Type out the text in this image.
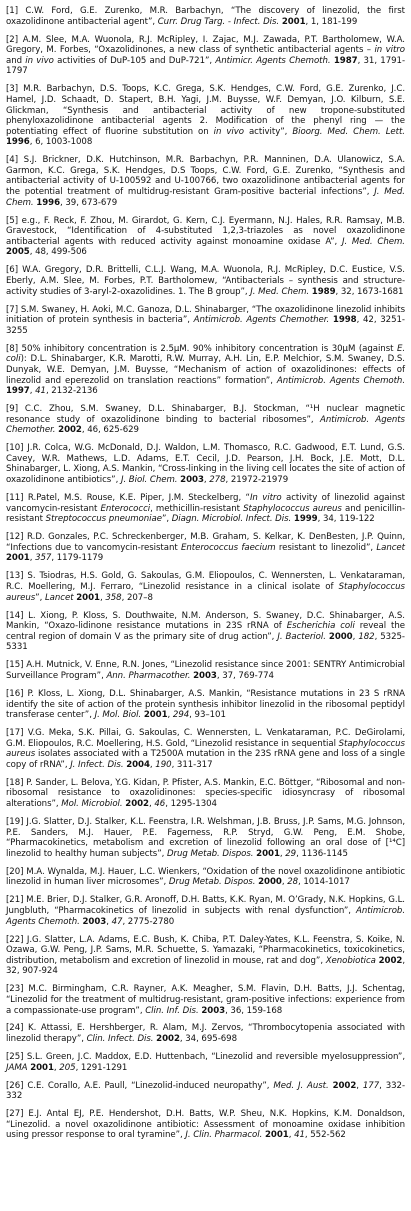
[1] C.W. Ford, G.E. Zurenko, M.R. Barbachyn, “The discovery of linezolid, the first oxazolidinone antibacterial agent”, Curr. Drug Targ. - Infect. Dis. 2001, 1, 181-199

[2] A.M. Slee, M.A. Wuonola, R.J. McRipley, I. Zajac, M.J. Zawada, P.T. Bartholomew, W.A. Gregory, M. Forbes, “Oxazolidinones, a new class of synthetic antibacterial agents – in vitro and in vivo activities of DuP-105 and DuP-721”, Antimicr. Agents Chemoth. 1987, 31, 1791-1797

[3] M.R. Barbachyn, D.S. Toops, K.C. Grega, S.K. Hendges, C.W. Ford, G.E. Zurenko, J.C. Hamel, J.D. Schaadt, D. Stapert, B.H. Yagi, J.M. Buysse, W.F. Demyan, J.O. Kilburn, S.E. Glickman, “Synthesis and antibacterial activity of new tropone-substituted phenyloxazolidinone antibacterial agents 2. Modification of the phenyl ring — the potentiating effect of fluorine substitution on in vivo activity”, Bioorg. Med. Chem. Lett. 1996, 6, 1003-1008

[4] S.J. Brickner, D.K. Hutchinson, M.R. Barbachyn, P.R. Manninen, D.A. Ulanowicz, S.A. Garmon, K.C. Grega, S.K. Hendges, D.S Toops, C.W. Ford, G.E. Zurenko, “Synthesis and antibacterial activity of U-100592 and U-100766, two oxazolidinone antibacterial agents for the potential treatment of multidrug-resistant Gram-positive bacterial infections”, J. Med. Chem. 1996, 39, 673-679

[5] e.g., F. Reck, F. Zhou, M. Girardot, G. Kern, C.J. Eyermann, N.J. Hales, R.R. Ramsay, M.B. Gravestock, “Identification of 4-substituted 1,2,3-triazoles as novel oxazolidinone antibacterial agents with reduced activity against monoamine oxidase A”, J. Med. Chem. 2005, 48, 499-506

[6] W.A. Gregory, D.R. Brittelli, C.L.J. Wang, M.A. Wuonola, R.J. McRipley, D.C. Eustice, V.S. Eberly, A.M. Slee, M. Forbes, P.T. Bartholomew, “Antibacterials – synthesis and structure-activity studies of 3-aryl-2-oxazolidines. 1. The B group”, J. Med. Chem. 1989, 32, 1673-1681

[7] S.M. Swaney, H. Aoki, M.C. Ganoza, D.L. Shinabarger, “The oxazolidinone linezolid inhibits initiation of protein synthesis in bacteria”, Antimicrob. Agents Chemother. 1998, 42, 3251-3255

[8] 50% inhibitory concentration is 2.5µM. 90% inhibitory concentration is 30µM (against E. coli): D.L. Shinabarger, K.R. Marotti, R.W. Murray, A.H. Lin, E.P. Melchior, S.M. Swaney, D.S. Dunyak, W.E. Demyan, J.M. Buysse, “Mechanism of action of oxazolidinones: effects of linezolid and eperezolid on translation reactions” formation”, Antimicrob. Agents Chemoth. 1997, 41, 2132-2136

[9] C.C. Zhou, S.M. Swaney, D.L. Shinabarger, B.J. Stockman, “¹H nuclear magnetic resonance study of oxazolidinone binding to bacterial ribosomes”, Antimicrob. Agents Chemother. 2002, 46, 625-629

[10] J.R. Colca, W.G. McDonald, D.J. Waldon, L.M. Thomasco, R.C. Gadwood, E.T. Lund, G.S. Cavey, W.R. Mathews, L.D. Adams, E.T. Cecil, J.D. Pearson, J.H. Bock, J.E. Mott, D.L. Shinabarger, L. Xiong, A.S. Mankin, “Cross-linking in the living cell locates the site of action of oxazolidinone antibiotics”, J. Biol. Chem. 2003, 278, 21972-21979

[11] R.Patel, M.S. Rouse, K.E. Piper, J.M. Steckelberg, “In vitro activity of linezolid against vancomycin-resistant Enterococci, methicillin-resistant Staphylococcus aureus and penicillin-resistant Streptococcus pneumoniae”, Diagn. Microbiol. Infect. Dis. 1999, 34, 119-122

[12] R.D. Gonzales, P.C. Schreckenberger, M.B. Graham, S. Kelkar, K. DenBesten, J.P. Quinn, “Infections due to vancomycin-resistant Enterococcus faecium resistant to linezolid”, Lancet 2001, 357, 1179-1179

[13] S. Tsiodras, H.S. Gold, G. Sakoulas, G.M. Eliopoulos, C. Wennersten, L. Venkataraman, R.C. Moellering, M.J. Ferraro, “Linezolid resistance in a clinical isolate of Staphylococcus aureus”, Lancet 2001, 358, 207–8

[14] L. Xiong, P. Kloss, S. Douthwaite, N.M. Anderson, S. Swaney, D.C. Shinabarger, A.S. Mankin, “Oxazo-lidinone resistance mutations in 23S rRNA of Escherichia coli reveal the central region of domain V as the primary site of drug action”, J. Bacteriol. 2000, 182, 5325-5331

[15] A.H. Mutnick, V. Enne, R.N. Jones, “Linezolid resistance since 2001: SENTRY Antimicrobial Surveillance Program”, Ann. Pharmacother. 2003, 37, 769-774

[16] P. Kloss, L. Xiong, D.L. Shinabarger, A.S. Mankin, “Resistance mutations in 23 S rRNA identify the site of action of the protein synthesis inhibitor linezolid in the ribosomal peptidyl transferase center”, J. Mol. Biol. 2001, 294, 93–101

[17] V.G. Meka, S.K. Pillai, G. Sakoulas, C. Wennersten, L. Venkataraman, P.C. DeGirolami, G.M. Eliopoulos, R.C. Moellering, H.S. Gold, “Linezolid resistance in sequential Staphylococcus aureus isolates associated with a T2500A mutation in the 23S rRNA gene and loss of a single copy of rRNA”, J. Infect. Dis. 2004, 190, 311-317

[18] P. Sander, L. Belova, Y.G. Kidan, P. Pfister, A.S. Mankin, E.C. Böttger, “Ribosomal and non-ribosomal resistance to oxazolidinones: species-specific idiosyncrasy of ribosomal alterations”, Mol. Microbiol. 2002, 46, 1295-1304

[19] J.G. Slatter, D.J. Stalker, K.L. Feenstra, I.R. Welshman, J.B. Bruss, J.P. Sams, M.G. Johnson, P.E. Sanders, M.J. Hauer, P.E. Fagerness, R.P. Stryd, G.W. Peng, E.M. Shobe, “Pharmacokinetics, metabolism and excretion of linezolid following an oral dose of [¹⁴C] linezolid to healthy human subjects”, Drug Metab. Dispos. 2001, 29, 1136-1145

[20] M.A. Wynalda, M.J. Hauer, L.C. Wienkers, “Oxidation of the novel oxazolidinone antibiotic linezolid in human liver microsomes”, Drug Metab. Dispos. 2000, 28, 1014-1017

[21] M.E. Brier, D.J. Stalker, G.R. Aronoff, D.H. Batts, K.K. Ryan, M. O’Grady, N.K. Hopkins, G.L. Jungbluth, “Pharmacokinetics of linezolid in subjects with renal dysfunction”, Antimicrob. Agents Chemoth. 2003, 47, 2775-2780

[22] J.G. Slatter, L.A. Adams, E.C. Bush, K. Chiba, P.T. Daley-Yates, K.L. Feenstra, S. Koike, N. Ozawa, G.W. Peng, J.P. Sams, M.R. Schuette, S. Yamazaki, “Pharmacokinetics, toxicokinetics, distribution, metabolism and excretion of linezolid in mouse, rat and dog”, Xenobiotica 2002, 32, 907-924

[23] M.C. Birmingham, C.R. Rayner, A.K. Meagher, S.M. Flavin, D.H. Batts, J.J. Schentag, “Linezolid for the treatment of multidrug-resistant, gram-positive infections: experience from a compassionate-use program”, Clin. Inf. Dis. 2003, 36, 159-168

[24] K. Attassi, E. Hershberger, R. Alam, M.J. Zervos, “Thrombocytopenia associated with linezolid therapy”, Clin. Infect. Dis. 2002, 34, 695-698

[25] S.L. Green, J.C. Maddox, E.D. Huttenbach, “Linezolid and reversible myelosuppression”, JAMA 2001, 205, 1291-1291

[26] C.E. Corallo, A.E. Paull, “Linezolid-induced neuropathy”, Med. J. Aust. 2002, 177, 332-332

[27] E.J. Antal EJ, P.E. Hendershot, D.H. Batts, W.P. Sheu, N.K. Hopkins, K.M. Donaldson, “Linezolid. a novel oxazolidinone antibiotic: Assessment of monoamine oxidase inhibition using pressor response to oral tyramine”, J. Clin. Pharmacol. 2001, 41, 552-562
